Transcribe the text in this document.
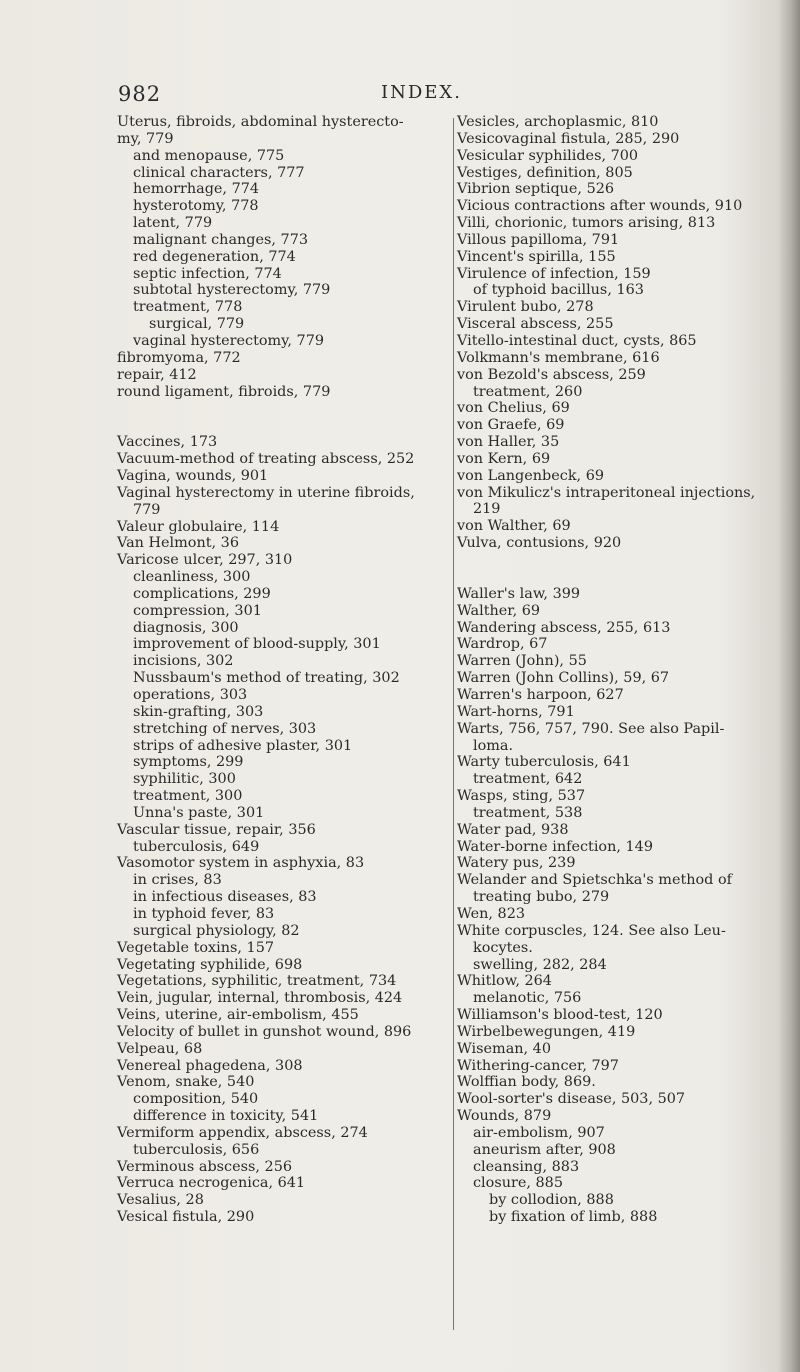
982	INDEX.
Uterus, fibroids, abdominal hysterecto-
my, 779
and menopause, 775
clinical characters, 777
hemorrhage, 774
hysterotomy, 778
latent, 779
malignant changes, 773
red degeneration, 774
septic infection, 774
subtotal hysterectomy, 779
treatment, 778
surgical, 779
vaginal hysterectomy, 779
fibromyoma, 772
repair, 412
round ligament, fibroids, 779
Vaccines, 173
Vacuum-method of treating abscess, 252
Vagina, wounds, 901
Vaginal hysterectomy in uterine fibroids,
779
Valeur globulaire, 114
Van Helmont, 36
Varicose ulcer, 297, 310
cleanliness, 300
complications, 299
compression, 301
diagnosis, 300
improvement of blood-supply, 301
incisions, 302
Nussbaum's method of treating, 302
operations, 303
skin-grafting, 303
stretching of nerves, 303
strips of adhesive plaster, 301
symptoms, 299
syphilitic, 300
treatment, 300
Unna's paste, 301
Vascular tissue, repair, 356
tuberculosis, 649
Vasomotor system in asphyxia, 83
in crises, 83
in infectious diseases, 83
in typhoid fever, 83
surgical physiology, 82
Vegetable toxins, 157
Vegetating syphilide, 698
Vegetations, syphilitic, treatment, 734
Vein, jugular, internal, thrombosis, 424
Veins, uterine, air-embolism, 455
Velocity of bullet in gunshot wound, 896
Velpeau, 68
Venereal phagedena, 308
Venom, snake, 540
composition, 540
difference in toxicity, 541
Vermiform appendix, abscess, 274
tuberculosis, 656
Verminous abscess, 256
Verruca necrogenica, 641
Vesalius, 28
Vesical fistula, 290
Vesicles, archoplasmic, 810
Vesicovaginal fistula, 285, 290
Vesicular syphilides, 700
Vestiges, definition, 805
Vibrion septique, 526
Vicious contractions after wounds, 910
Villi, chorionic, tumors arising, 813
Villous papilloma, 791
Vincent's spirilla, 155
Virulence of infection, 159
of typhoid bacillus, 163
Virulent bubo, 278
Visceral abscess, 255
Vitello-intestinal duct, cysts, 865
Volkmann's membrane, 616
von Bezold's abscess, 259
treatment, 260
von Chelius, 69
von Graefe, 69
von Haller, 35
von Kern, 69
von Langenbeck, 69
von Mikulicz's intraperitoneal injections,
219
von Walther, 69
Vulva, contusions, 920
Waller's law, 399
Walther, 69
Wandering abscess, 255, 613
Wardrop, 67
Warren (John), 55
Warren (John Collins), 59, 67
Warren's harpoon, 627
Wart-horns, 791
Warts, 756, 757, 790. See also Papil-
loma.
Warty tuberculosis, 641
treatment, 642
Wasps, sting, 537
treatment, 538
Water pad, 938
Water-borne infection, 149
Watery pus, 239
Welander and Spietschka's method of
treating bubo, 279
Wen, 823
White corpuscles, 124. See also Leu-
kocytes.
swelling, 282, 284
Whitlow, 264
melanotic, 756
Williamson's blood-test, 120
Wirbelbewegungen, 419
Wiseman, 40
Withering-cancer, 797
Wolffian body, 869.
Wool-sorter's disease, 503, 507
Wounds, 879
air-embolism, 907
aneurism after, 908
cleansing, 883
closure, 885
by collodion, 888
by fixation of limb, 888
